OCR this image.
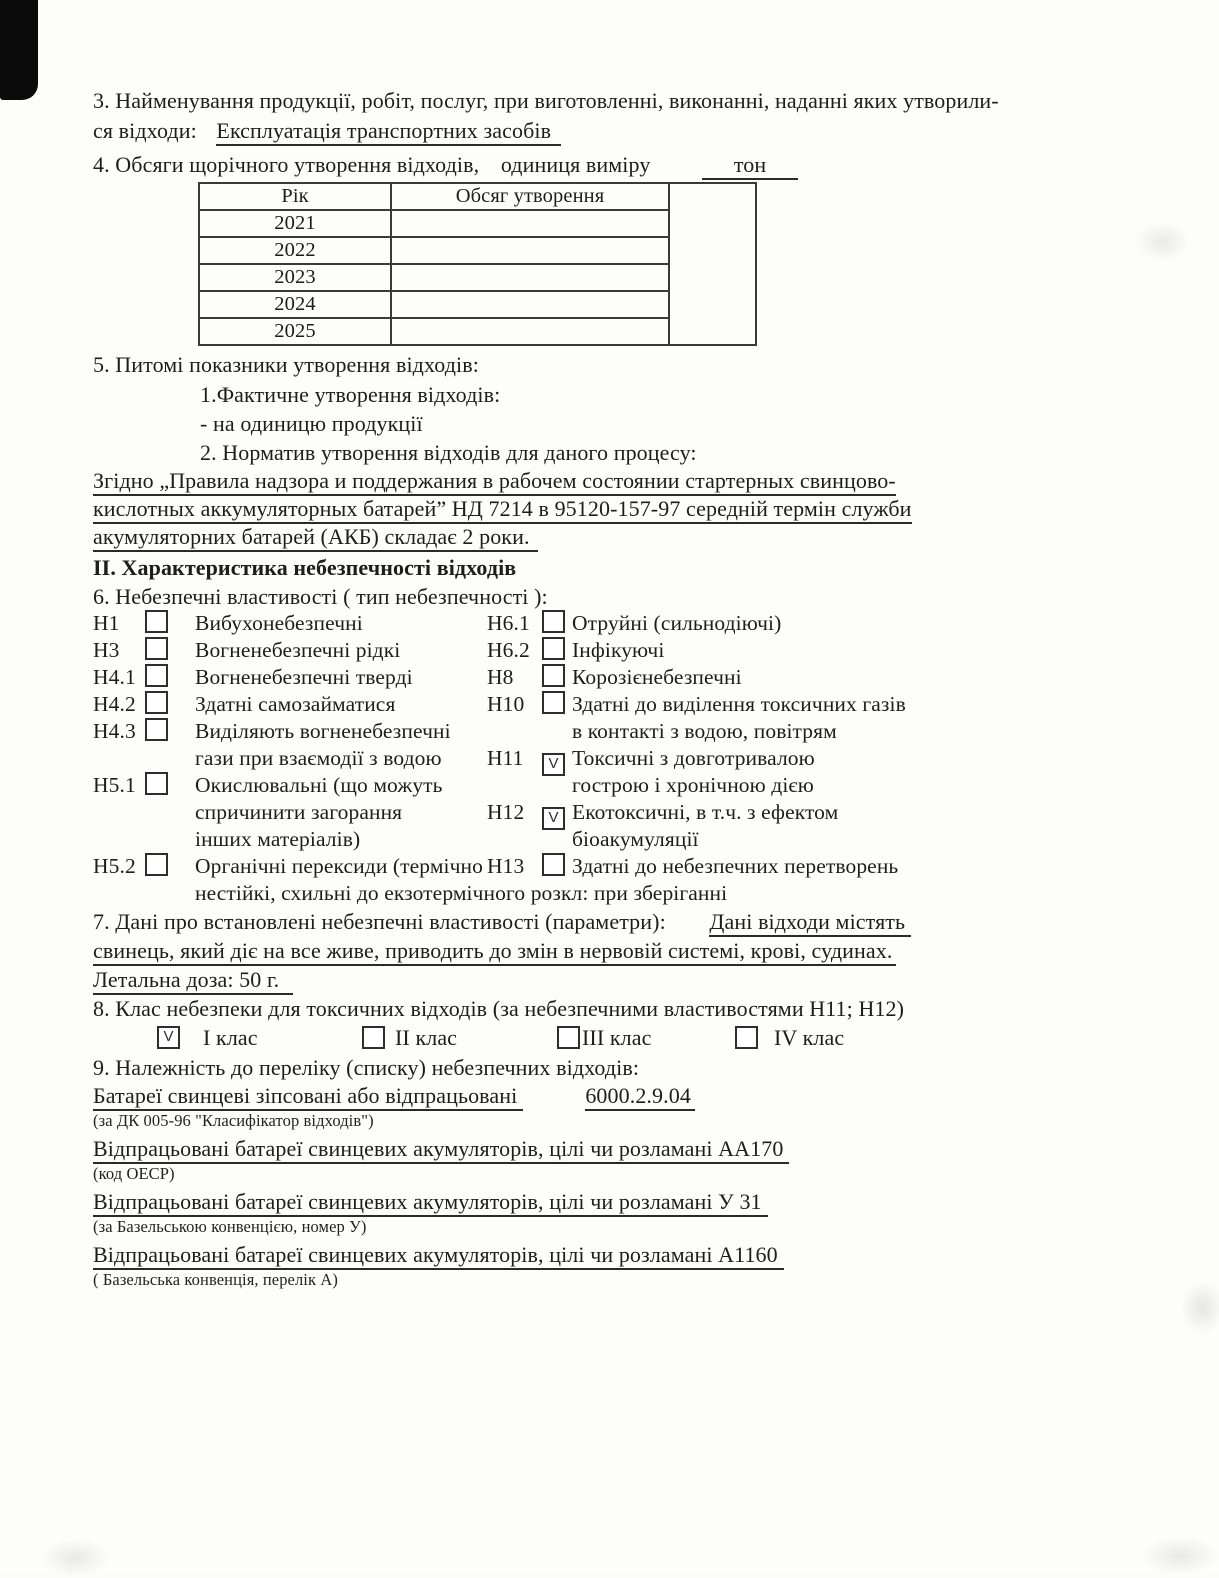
3. Найменування продукції, робіт, послуг, при виготовленні, виконанні, наданні яких утворили-
ся відходи: Експлуатація транспортних засобів
4. Обсяги щорічного утворення відходів, одиниця виміру	тон
Рік	Обсяг утворення	
2021		
2022		
2023		
2024		
2025		
5. Питомі показники утворення відходів:
1.Фактичне утворення відходів:
- на одиницю продукції
2. Норматив утворення відходів для даного процесу:
Згідно „Правила надзора и поддержания в рабочем состоянии стартерных свинцово-
кислотных аккумуляторных батарей” НД 7214 в 95120-157-97 середній термін служби
акумуляторних батарей (АКБ) складає 2 роки.
ІІ. Характеристика небезпечності відходів
6. Небезпечні властивості ( тип небезпечності ):
Н1	Вибухонебезпечні	Н6.1	Отруйні (сильнодіючі)
Н3	Вогненебезпечні рідкі	Н6.2	Інфікуючі
Н4.1	Вогненебезпечні тверді	Н8	Корозієнебезпечні
Н4.2	Здатні самозайматися	Н10	Здатні до виділення токсичних газів
Н4.3	Виділяють вогненебезпечні	в контакті з водою, повітрям
гази при взаємодії з водою	Н11	V Токсичні з довготривалою
Н5.1	Окислювальні (що можуть	гострою і хронічною дією
спричинити загорання	Н12	V Екотоксичні, в т.ч. з ефектом
інших матеріалів)	біоакумуляції
Н5.2	Органічні перексиди (термічно Н13	Здатні до небезпечних перетворень
нестійкі, схильні до екзотермічного розкл: при зберіганні
7. Дані про встановлені небезпечні властивості (параметри): Дані відходи містять
свинець, який діє на все живе, приводить до змін в нервовій системі, крові, судинах.
Летальна доза: 50 г.
8. Клас небезпеки для токсичних відходів (за небезпечними властивостями Н11; Н12)
V І клас	ІІ клас	ІІІ клас	IV клас
9. Належність до переліку (списку) небезпечних відходів:
Батареї свинцеві зіпсовані або відпрацьовані	6000.2.9.04
(за ДК 005-96 "Класифікатор відходів")
Відпрацьовані батареї свинцевих акумуляторів, цілі чи розламані АА170
(код ОЕСР)
Відпрацьовані батареї свинцевих акумуляторів, цілі чи розламані У 31
(за Базельською конвенцією, номер У)
Відпрацьовані батареї свинцевих акумуляторів, цілі чи розламані А1160
( Базельська конвенція, перелік А)
